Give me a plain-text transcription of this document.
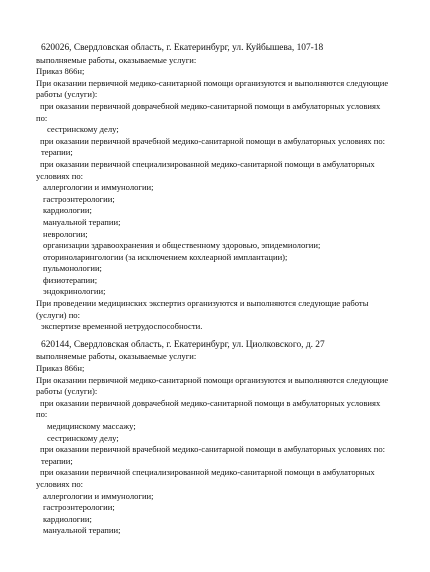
620026, Свердловская область, г. Екатеринбург, ул. Куйбышева, 107-18
выполняемые работы, оказываемые услуги:
Приказ 866н;
При оказании первичной медико-санитарной помощи организуются и выполняются следующие
работы (услуги):
при оказании первичной доврачебной медико-санитарной помощи в амбулаторных условиях
по:
сестринскому делу;
при оказании первичной врачебной медико-санитарной помощи в амбулаторных условиях по:
терапии;
при оказании первичной специализированной медико-санитарной помощи в амбулаторных
условиях по:
аллергологии и иммунологии;
гастроэнтерологии;
кардиологии;
мануальной терапии;
неврологии;
организации здравоохранения и общественному здоровью, эпидемиологии;
оториноларингологии (за исключением кохлеарной имплантации);
пульмонологии;
физиотерапии;
эндокринологии;
При проведении медицинских экспертиз организуются и выполняются следующие работы
(услуги) по:
экспертизе временной нетрудоспособности.
620144, Свердловская область, г. Екатеринбург, ул. Циолковского, д. 27
выполняемые работы, оказываемые услуги:
Приказ 866н;
При оказании первичной медико-санитарной помощи организуются и выполняются следующие
работы (услуги):
при оказании первичной доврачебной медико-санитарной помощи в амбулаторных условиях
по:
медицинскому массажу;
сестринскому делу;
при оказании первичной врачебной медико-санитарной помощи в амбулаторных условиях по:
терапии;
при оказании первичной специализированной медико-санитарной помощи в амбулаторных
условиях по:
аллергологии и иммунологии;
гастроэнтерологии;
кардиологии;
мануальной терапии;
